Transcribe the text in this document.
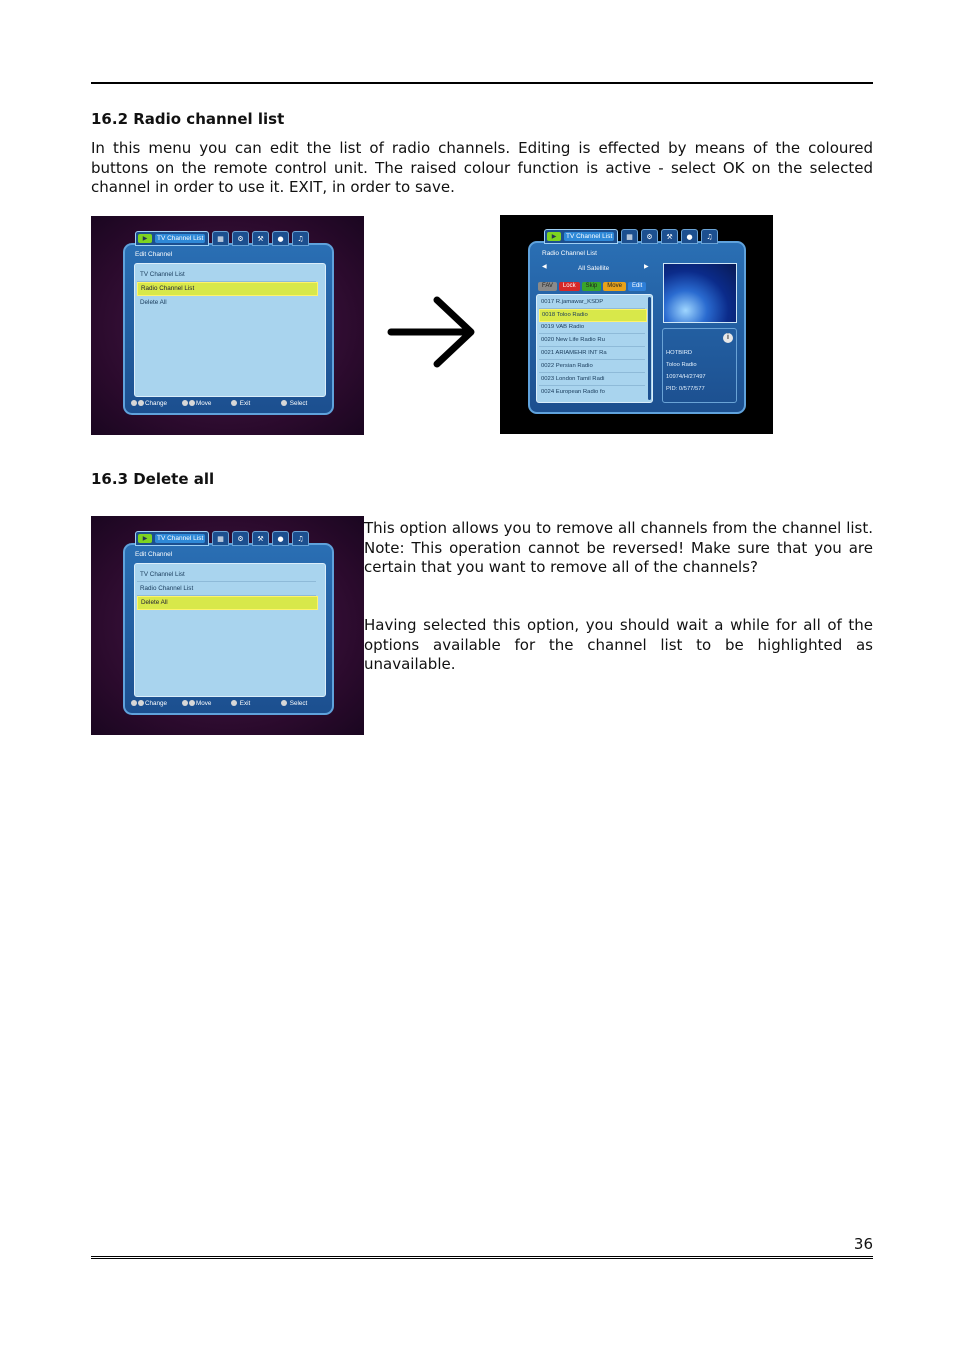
16.2 Radio channel list

In this menu you can edit the list of radio channels. Editing is effected by means of the coloured buttons on the remote control unit. The raised colour function is active - select OK on the selected channel in order to use it. EXIT, in order to save.

▶	TV Channel List ▦ ⚙ ⚒ ● ♫
Edit Channel
TV Channel List
Radio Channel List
Delete All
Change	Move	Exit	Select
▶	TV Channel List ▦ ⚙ ⚒ ● ♫
Radio Channel List
◀	All Satellite	▶
FAV	Lock	Skip	Move	Edit
0017 R.jamawar_KSDP
0018 Toloo Radio
0019 VAB Radio
0020 New Life Radio Ru
0021 ARIAMEHR INT Ra
0022 Persian Radio
0023 London Tamil Radi
0024 European Radio fo
i
HOTBIRD
Toloo Radio
10974/H/27497
PID: 0/577/577
16.3 Delete all
▶	TV Channel List ▦ ⚙ ⚒ ● ♫
Edit Channel
TV Channel List
Radio Channel List
Delete All
Change	Move	Exit	Select

This option allows you to remove all channels from the channel list. Note: This operation cannot be reversed! Make sure that you are certain that you want to remove all of the channels?

Having selected this option, you should wait a while for all of the options available for the channel list to be highlighted as unavailable.

36
